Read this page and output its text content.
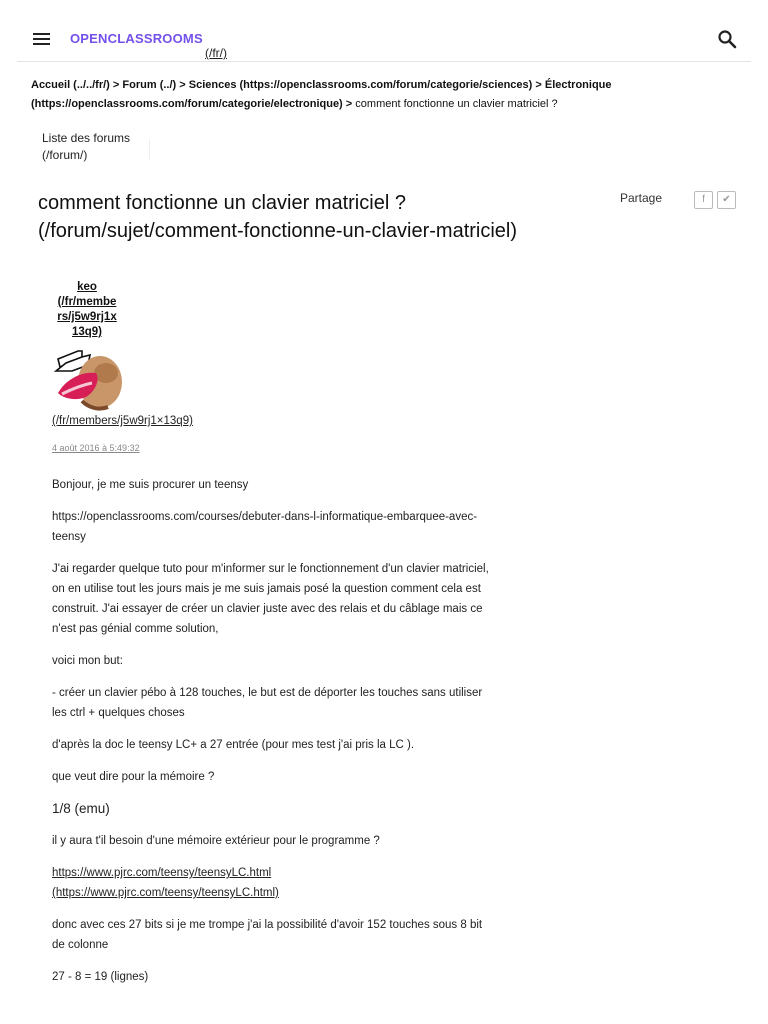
OPENCLASSROOMS
(/fr/)
Accueil (../../fr/) > Forum (../) > Sciences (https://openclassrooms.com/forum/categorie/sciences) > Électronique (https://openclassrooms.com/forum/categorie/electronique) > comment fonctionne un clavier matriciel ?
Liste des forums
(/forum/)
comment fonctionne un clavier matriciel ?
(/forum/sujet/comment-fonctionne-un-clavier-matriciel)
Partage	f	✔
keo
(/fr/membe
rs/j5w9rj1x
13q9)
(/fr/members/j5w9rj1×13q9)
4 août 2016 à 5:49:32

Bonjour, je me suis procurer un teensy

https://openclassrooms.com/courses/debuter-dans-l-informatique-embarquee-avec-teensy

J'ai regarder quelque tuto pour m'informer sur le fonctionnement d'un clavier matriciel, on en utilise tout les jours mais je me suis jamais posé la question comment cela est construit. J'ai essayer de créer un clavier juste avec des relais et du câblage mais ce n'est pas génial comme solution,

voici mon but:

- créer un clavier pébo à 128 touches, le but est de déporter les touches sans utiliser les ctrl + quelques choses

d'après la doc le teensy LC+ a 27 entrée (pour mes test j'ai pris la LC ).

que veut dire pour la mémoire ?

1/8 (emu)

il y aura t'il besoin d'une mémoire extérieur pour le programme ?

https://www.pjrc.com/teensy/teensyLC.html
(https://www.pjrc.com/teensy/teensyLC.html)

donc avec ces 27 bits si je me trompe j'ai la possibilité d'avoir 152 touches sous 8 bit de colonne

27 - 8 = 19 (lignes)
